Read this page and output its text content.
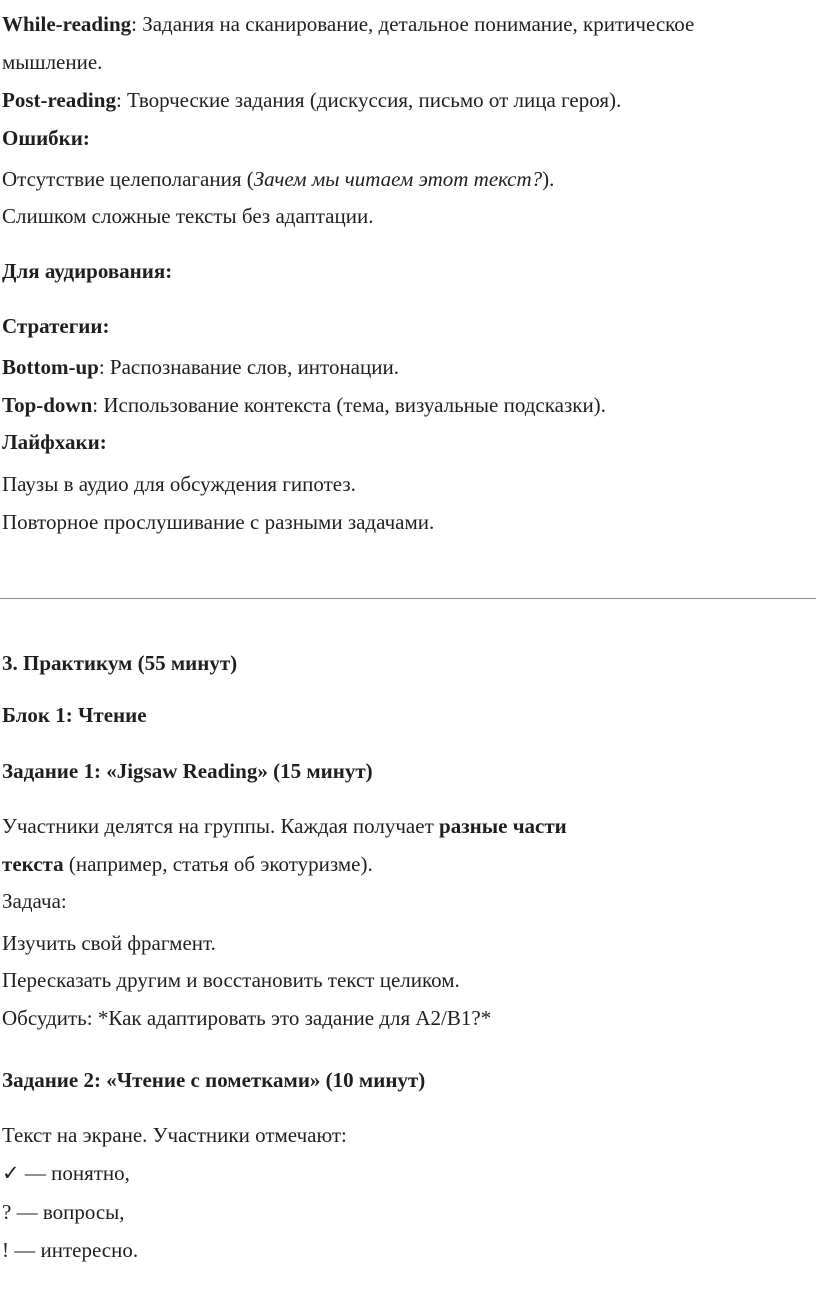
While-reading: Задания на сканирование, детальное понимание, критическое
мышление.
Post-reading: Творческие задания (дискуссия, письмо от лица героя).
Ошибки:
Отсутствие целеполагания (Зачем мы читаем этот текст?).
Слишком сложные тексты без адаптации.
Для аудирования:
Стратегии:
Bottom-up: Распознавание слов, интонации.
Top-down: Использование контекста (тема, визуальные подсказки).
Лайфхаки:
Паузы в аудио для обсуждения гипотез.
Повторное прослушивание с разными задачами.
3. Практикум (55 минут)
Блок 1: Чтение
Задание 1: «Jigsaw Reading» (15 минут)
Участники делятся на группы. Каждая получает разные части
текста (например, статья об экотуризме).
Задача:
Изучить свой фрагмент.
Пересказать другим и восстановить текст целиком.
Обсудить: *Как адаптировать это задание для A2/B1?*
Задание 2: «Чтение с пометками» (10 минут)
Текст на экране. Участники отмечают:
✓ — понятно,
? — вопросы,
! — интересно.
